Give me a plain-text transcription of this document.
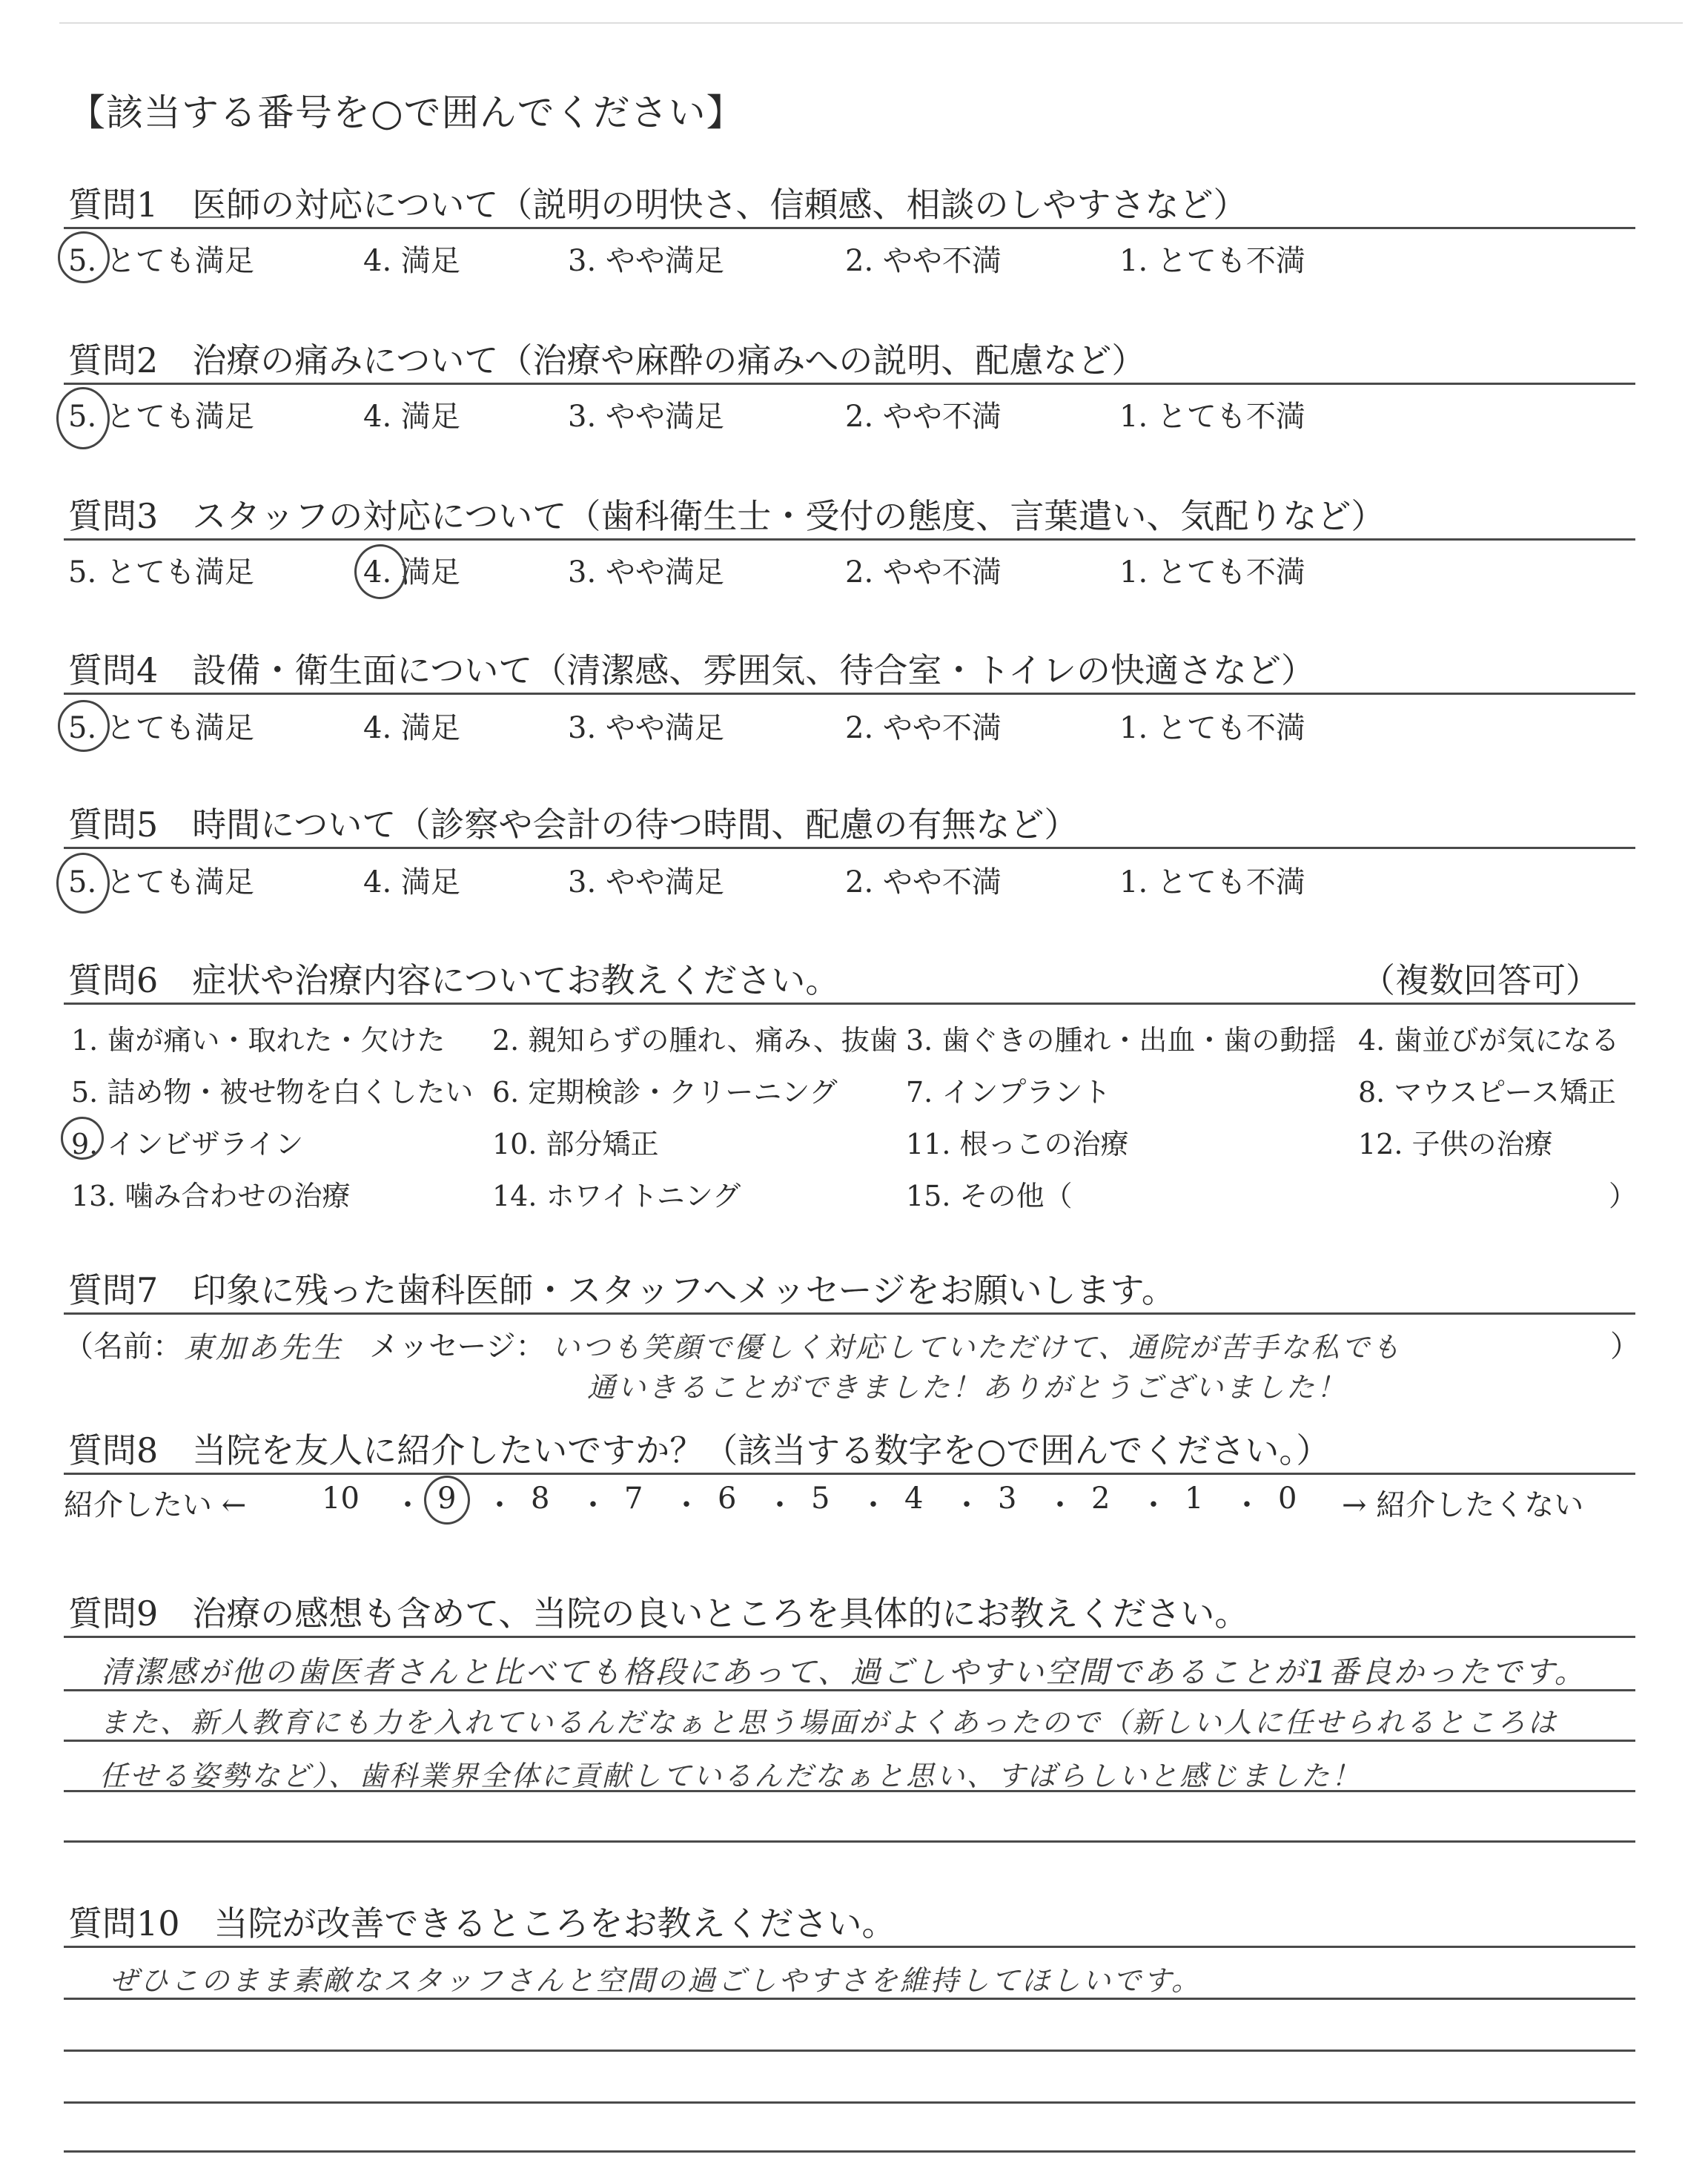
【該当する番号を○で囲んでください】
質問1　医師の対応について（説明の明快さ、信頼感、相談のしやすさなど）
5. とても満足	4. 満足	3. やや満足	2. やや不満	1. とても不満
質問2　治療の痛みについて（治療や麻酔の痛みへの説明、配慮など）
5. とても満足	4. 満足	3. やや満足	2. やや不満	1. とても不満
質問3　スタッフの対応について（歯科衛生士・受付の態度、言葉遣い、気配りなど）
5. とても満足	4. 満足	3. やや満足	2. やや不満	1. とても不満
質問4　設備・衛生面について（清潔感、雰囲気、待合室・トイレの快適さなど）
5. とても満足	4. 満足	3. やや満足	2. やや不満	1. とても不満
質問5　時間について（診察や会計の待つ時間、配慮の有無など）
5. とても満足	4. 満足	3. やや満足	2. やや不満	1. とても不満
質問6　症状や治療内容についてお教えください。	（複数回答可）
1. 歯が痛い・取れた・欠けた 2. 親知らずの腫れ、痛み、抜歯 3. 歯ぐきの腫れ・出血・歯の動揺 4. 歯並びが気になる
5. 詰め物・被せ物を白くしたい 6. 定期検診・クリーニング 7. インプラント	8. マウスピース矯正
9. インビザライン	10. 部分矯正	11. 根っこの治療	12. 子供の治療
13. 噛み合わせの治療	14. ホワイトニング	15. その他（	）
質問7　印象に残った歯科医師・スタッフへメッセージをお願いします。
（名前： 東加あ先生 メッセージ： いつも笑顔で優しく対応していただけて、通院が苦手な私でも
通いきることができました！ありがとうございました！
）
質問8　当院を友人に紹介したいですか？（該当する数字を○で囲んでください。）
紹介したい ←	→ 紹介したくない
10 ・ 9 ・ 8 ・ 7 ・ 6 ・ 5 ・ 4 ・ 3 ・ 2 ・ 1 ・ 0
質問9　治療の感想も含めて、当院の良いところを具体的にお教えください。
清潔感が他の歯医者さんと比べても格段にあって、過ごしやすい空間であることが1番良かったです。
また、新人教育にも力を入れているんだなぁと思う場面がよくあったので（新しい人に任せられるところは
任せる姿勢など）、歯科業界全体に貢献しているんだなぁと思い、すばらしいと感じました！
質問10　当院が改善できるところをお教えください。
ぜひこのまま素敵なスタッフさんと空間の過ごしやすさを維持してほしいです。
